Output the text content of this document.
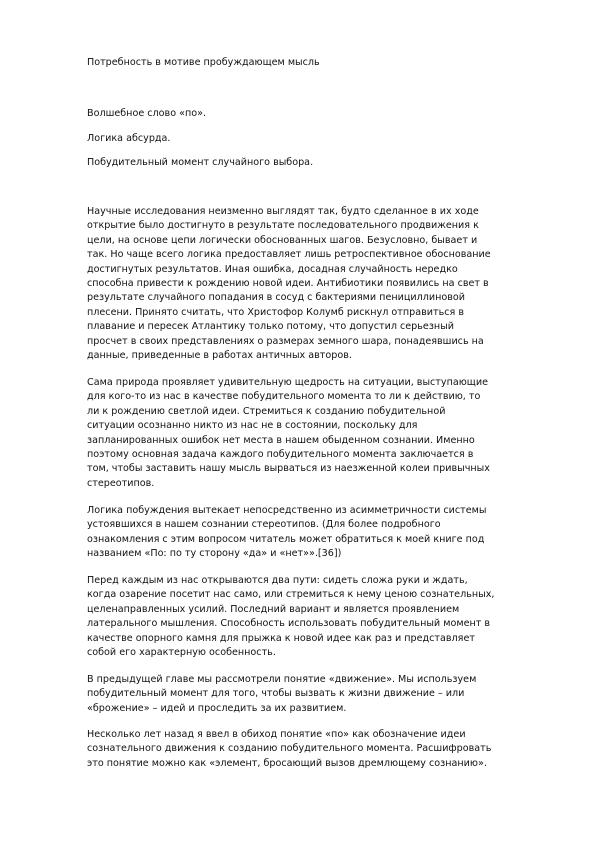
Потребность в мотиве пробуждающем мысль

Волшебное слово «по».

Логика абсурда.

Побудительный момент случайного выбора.

Научные исследования неизменно выглядят так, будто сделанное в их ходе
открытие было достигнуто в результате последовательного продвижения к
цели, на основе цепи логически обоснованных шагов. Безусловно, бывает и
так. Но чаще всего логика предоставляет лишь ретроспективное обоснование
достигнутых результатов. Иная ошибка, досадная случайность нередко
способна привести к рождению новой идеи. Антибиотики появились на свет в
результате случайного попадания в сосуд с бактериями пенициллиновой
плесени. Принято считать, что Христофор Колумб рискнул отправиться в
плавание и пересек Атлантику только потому, что допустил серьезный
просчет в своих представлениях о размерах земного шара, понадеявшись на
данные, приведенные в работах античных авторов.
Сама природа проявляет удивительную щедрость на ситуации, выступающие
для кого-то из нас в качестве побудительного момента то ли к действию, то
ли к рождению светлой идеи. Стремиться к созданию побудительной
ситуации осознанно никто из нас не в состоянии, поскольку для
запланированных ошибок нет места в нашем обыденном сознании. Именно
поэтому основная задача каждого побудительного момента заключается в
том, чтобы заставить нашу мысль вырваться из наезженной колеи привычных
стереотипов.
Логика побуждения вытекает непосредственно из асимметричности системы
устоявшихся в нашем сознании стереотипов. (Для более подробного
ознакомления с этим вопросом читатель может обратиться к моей книге под
названием «По: по ту сторону «да» и «нет»».[36])
Перед каждым из нас открываются два пути: сидеть сложа руки и ждать,
когда озарение посетит нас само, или стремиться к нему ценою сознательных,
целенаправленных усилий. Последний вариант и является проявлением
латерального мышления. Способность использовать побудительный момент в
качестве опорного камня для прыжка к новой идее как раз и представляет
собой его характерную особенность.
В предыдущей главе мы рассмотрели понятие «движение». Мы используем
побудительный момент для того, чтобы вызвать к жизни движение – или
«брожение» – идей и проследить за их развитием.
Несколько лет назад я ввел в обиход понятие «по» как обозначение идеи
сознательного движения к созданию побудительного момента. Расшифровать
это понятие можно как «элемент, бросающий вызов дремлющему сознанию».
